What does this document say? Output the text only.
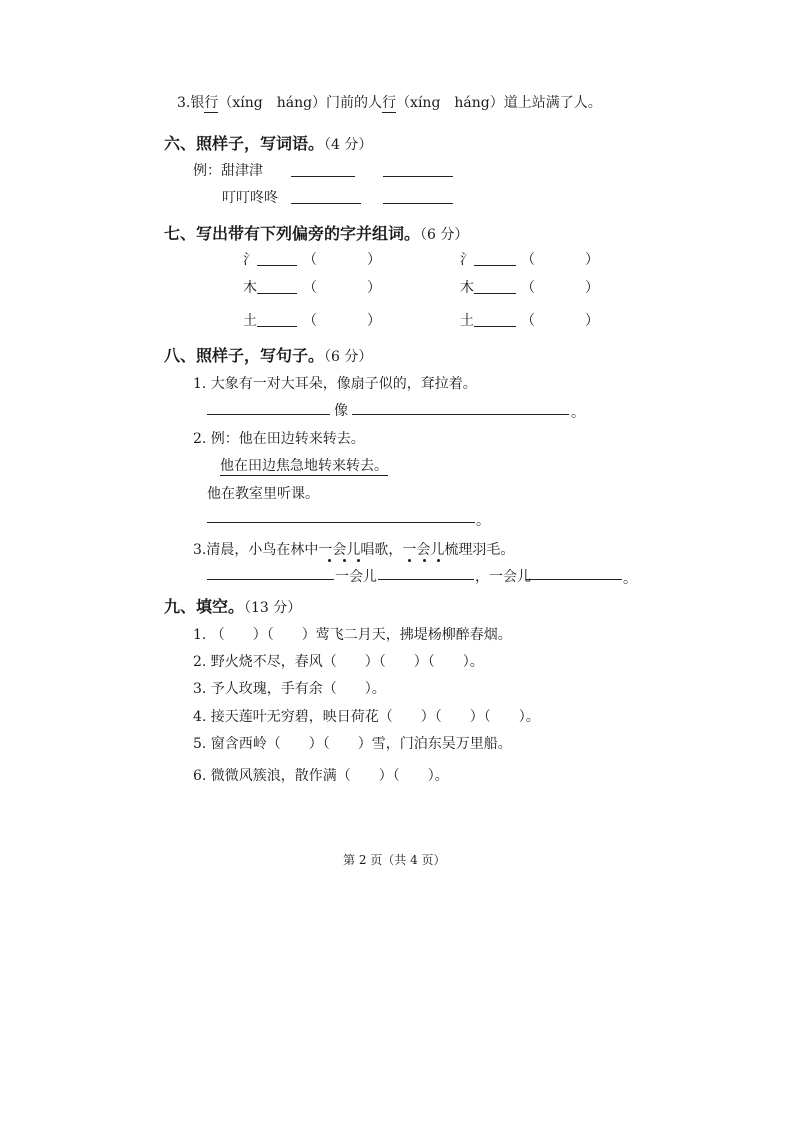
3.银行（xíng　háng）门前的人行（xíng　háng）道上站满了人。
六、照样子，写词语。（4 分）
例：甜津津
叮叮咚咚
七、写出带有下列偏旁的字并组词。（6 分）
氵	（	）	氵	（	）
木	（	）	木	（	）
土	（	）	土	（	）
八、照样子，写句子。（6 分）
1. 大象有一对大耳朵，像扇子似的，耷拉着。
像	。
2. 例：他在田边转来转去。
他在田边焦急地转来转去。
他在教室里听课。
。
3.清晨，小鸟在林中一会儿唱歌，一会儿梳理羽毛。
一会儿	，一会儿	。
九、填空。（13 分）
1. （　　）（　　）莺飞二月天，拂堤杨柳醉春烟。
2. 野火烧不尽，春风（　　）（　　）（　　）。
3. 予人玫瑰，手有余（　　）。
4. 接天莲叶无穷碧，映日荷花（　　）（　　）（　　）。
5. 窗含西岭（　　）（　　）雪，门泊东吴万里船。
6. 微微风簇浪，散作满（　　）（　　）。
第 2 页（共 4 页）
